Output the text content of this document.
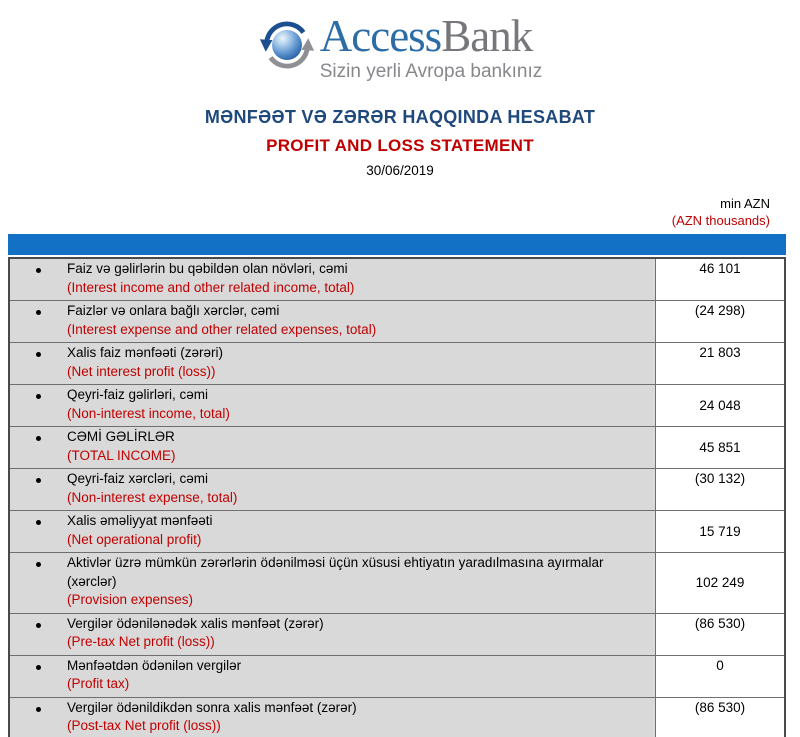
AccessBank
Sizin yerli Avropa bankınız
MƏNFƏƏT VƏ ZƏRƏR HAQQINDA HESABAT
PROFIT AND LOSS STATEMENT
30/06/2019
min AZN
(AZN thousands)
Faiz və gəlirlərin bu qəbildən olan növləri, cəmi
(Interest income and other related income, total)
46 101
Faizlər və onlara bağlı xərclər, cəmi
(Interest expense and other related expenses, total)
(24 298)
Xalis faiz mənfəəti (zərəri)
(Net interest profit (loss))
21 803
Qeyri-faiz gəlirləri, cəmi
(Non-interest income, total)	24 048
CƏMİ GƏLİRLƏR
(TOTAL INCOME)	45 851
Qeyri-faiz xərcləri, cəmi
(Non-interest expense, total)
(30 132)
Xalis əməliyyat mənfəəti
(Net operational profit)	15 719
Aktivlər üzrə mümkün zərərlərin ödənilməsi üçün xüsusi ehtiyatın yaradılmasına ayırmalar (xərclər)
(Provision expenses)
102 249
Vergilər ödənilənədək xalis mənfəət (zərər)
(Pre-tax Net profit (loss))
(86 530)
Mənfəətdən ödənilən vergilər
(Profit tax)
0
Vergilər ödənildikdən sonra xalis mənfəət (zərər)
(Post-tax Net profit (loss))
(86 530)
